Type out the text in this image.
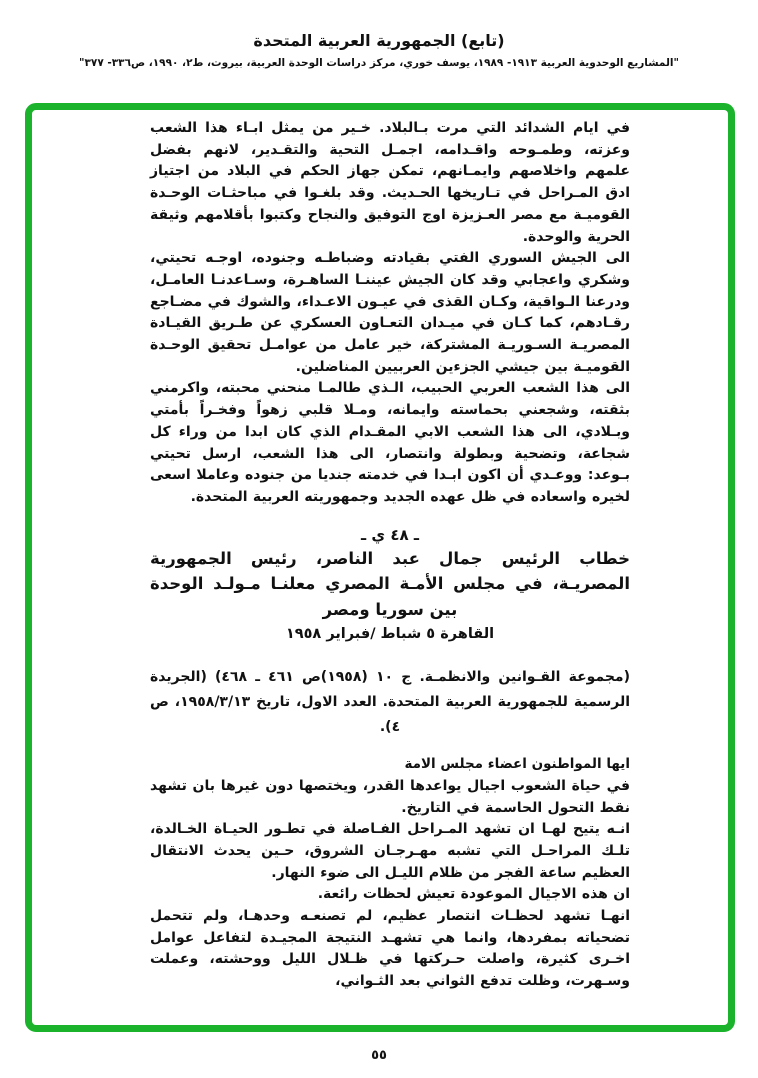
(تابع) الجمهورية العربية المتحدة
"المشاريع الوحدوية العربية ١٩١٣- ١٩٨٩، يوسف خوري، مركز دراسات الوحدة العربية، بيروت، ط٢، ١٩٩٠، ص٣٣٦- ٣٧٧"

في ايام الشدائد التي مرت بـالبلاد. خـير من يمثل ابـاء هذا الشعب وعزته، وطمـوحه واقـدامه، اجمـل التحية والتقـدير، لانهم بفضل علمهم واخلاصهم وايمـانهم، تمكن جهاز الحكم في البلاد من اجتياز ادق المـراحل في تـاريخها الحـديث. وقد بلغـوا في مباحثـات الوحـدة القوميـة مع مصر العـزيزة اوج التوفيق والنجاح وكتبوا بأقلامهم وثيقة الحرية والوحدة.

الى الجيش السوري الفتي بقيادته وضباطـه وجنوده، اوجـه تحيتي، وشكري واعجابي وقد كان الجيش عيننـا الساهـرة، وسـاعدنـا العامـل، ودرعنا الـواقية، وكـان القذى في عيـون الاعـداء، والشوك في مضـاجع رقـادهم، كما كـان في ميـدان التعـاون العسكري عن طـريق القيـادة المصريـة السـوريـة المشتركة، خير عامل من عوامـل تحقيق الوحـدة القوميـة بين جيشي الجزءين العربيين المناضلين.

الى هذا الشعب العربي الحبيب، الـذي طالمـا منحني محبته، واكرمني بثقته، وشجعني بحماسته وايمانه، ومـلا قلبي زهواً وفخـراً بأمتي وبـلادي، الى هذا الشعب الابي المقـدام الذي كان ابدا من وراء كل شجاعة، وتضحية وبطولة وانتصار، الى هذا الشعب، ارسل تحيتي بـوعد: ووعـدي أن اكون ابـدا في خدمته جنديا من جنوده وعاملا اسعى لخيره واسعاده في ظل عهده الجديد وجمهوريته العربية المتحدة.

ـ ٤٨ ي ـ
خطاب الرئيس جمال عبد الناصر، رئيس الجمهورية المصريـة، في مجلس الأمـة المصري معلنـا مـولـد الوحدة بين سوريا ومصر
القاهرة ٥ شباط /فبراير ١٩٥٨

(مجموعة القـوانين والانظمـة. ج ١٠ (١٩٥٨)ص ٤٦١ ـ ٤٦٨) (الجريدة الرسمية للجمهورية العربية المتحدة. العدد الاول، تاريخ ١٩٥٨/٣/١٣، ص ٤).

ايها المواطنون اعضاء مجلس الامة

في حياة الشعوب اجيال يواعدها القدر، ويختصها دون غيرها بان تشهد نقط التحول الحاسمة في التاريخ.

انـه يتيح لهـا ان تشهد المـراحل الفـاصلة في تطـور الحيـاة الخـالدة، تلـك المراحـل التي تشبه مهـرجـان الشروق، حـين يحدث الانتقال العظيم ساعة الفجر من ظلام الليـل الى ضوء النهار.

ان هذه الاجيال الموعودة تعيش لحظات رائعة.

انهـا تشهد لحظـات انتصار عظيم، لم تصنعـه وحدهـا، ولم تتحمل تضحياته بمفردها، وانما هي تشهـد النتيجة المجيـدة لتفاعل عوامل اخـرى كثيرة، واصلت حـركتها في ظـلال الليل ووحشته، وعملت وسـهرت، وظلت تدفع الثواني بعد الثـواني،

٥٥
